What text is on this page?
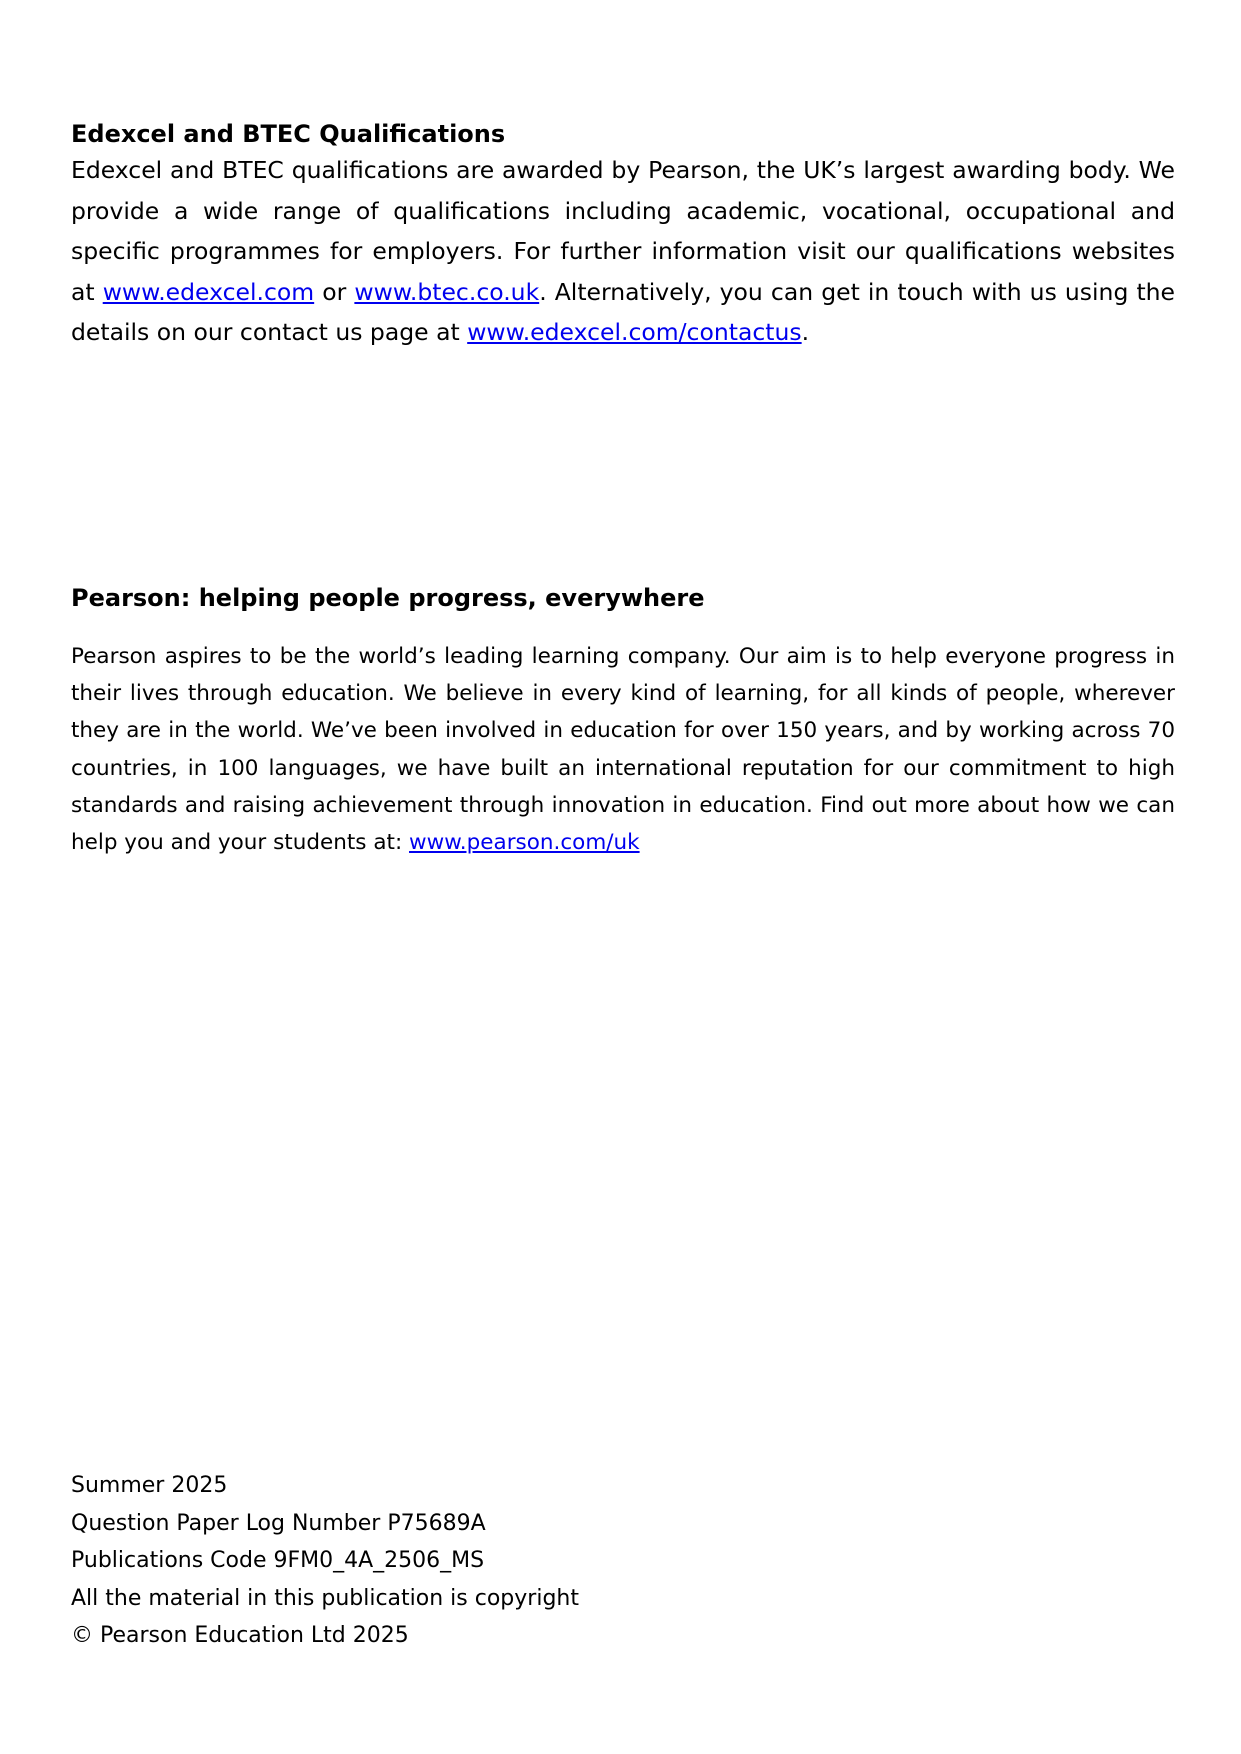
Edexcel and BTEC Qualifications

Edexcel and BTEC qualifications are awarded by Pearson, the UK’s largest awarding body. We provide a wide range of qualifications including academic, vocational, occupational and specific programmes for employers. For further information visit our qualifications websites at www.edexcel.com or www.btec.co.uk. Alternatively, you can get in touch with us using the details on our contact us page at www.edexcel.com/contactus.

Pearson: helping people progress, everywhere

Pearson aspires to be the world’s leading learning company. Our aim is to help everyone progress in their lives through education. We believe in every kind of learning, for all kinds of people, wherever they are in the world. We’ve been involved in education for over 150 years, and by working across 70 countries, in 100 languages, we have built an international reputation for our commitment to high standards and raising achievement through innovation in education. Find out more about how we can help you and your students at: www.pearson.com/uk

Summer 2025

Question Paper Log Number P75689A

Publications Code 9FM0_4A_2506_MS

All the material in this publication is copyright

© Pearson Education Ltd 2025
